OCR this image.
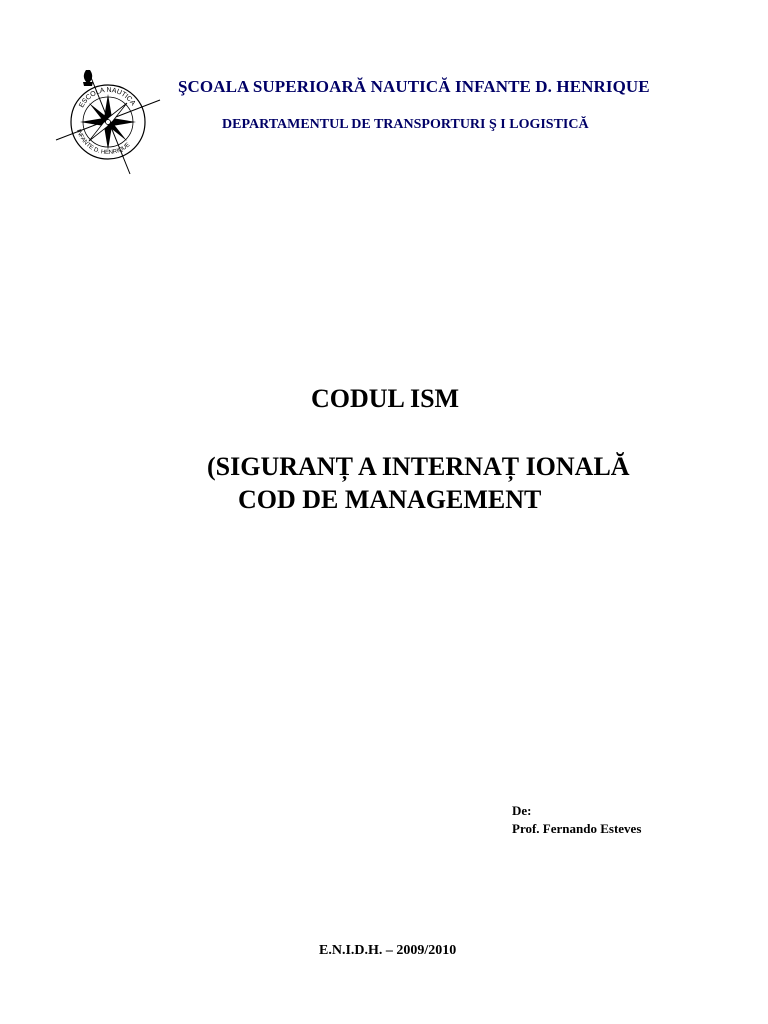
ESCOLA NAUTICA
INFANTE D. HENRIQUE
ŞCOALA SUPERIOARĂ NAUTICĂ INFANTE D. HENRIQUE
DEPARTAMENTUL DE TRANSPORTURI Ş I LOGISTICĂ
CODUL ISM
(SIGURANȚ A INTERNAȚ IONALĂ
COD DE MANAGEMENT
De:
Prof. Fernando Esteves
E.N.I.D.H. – 2009/2010
